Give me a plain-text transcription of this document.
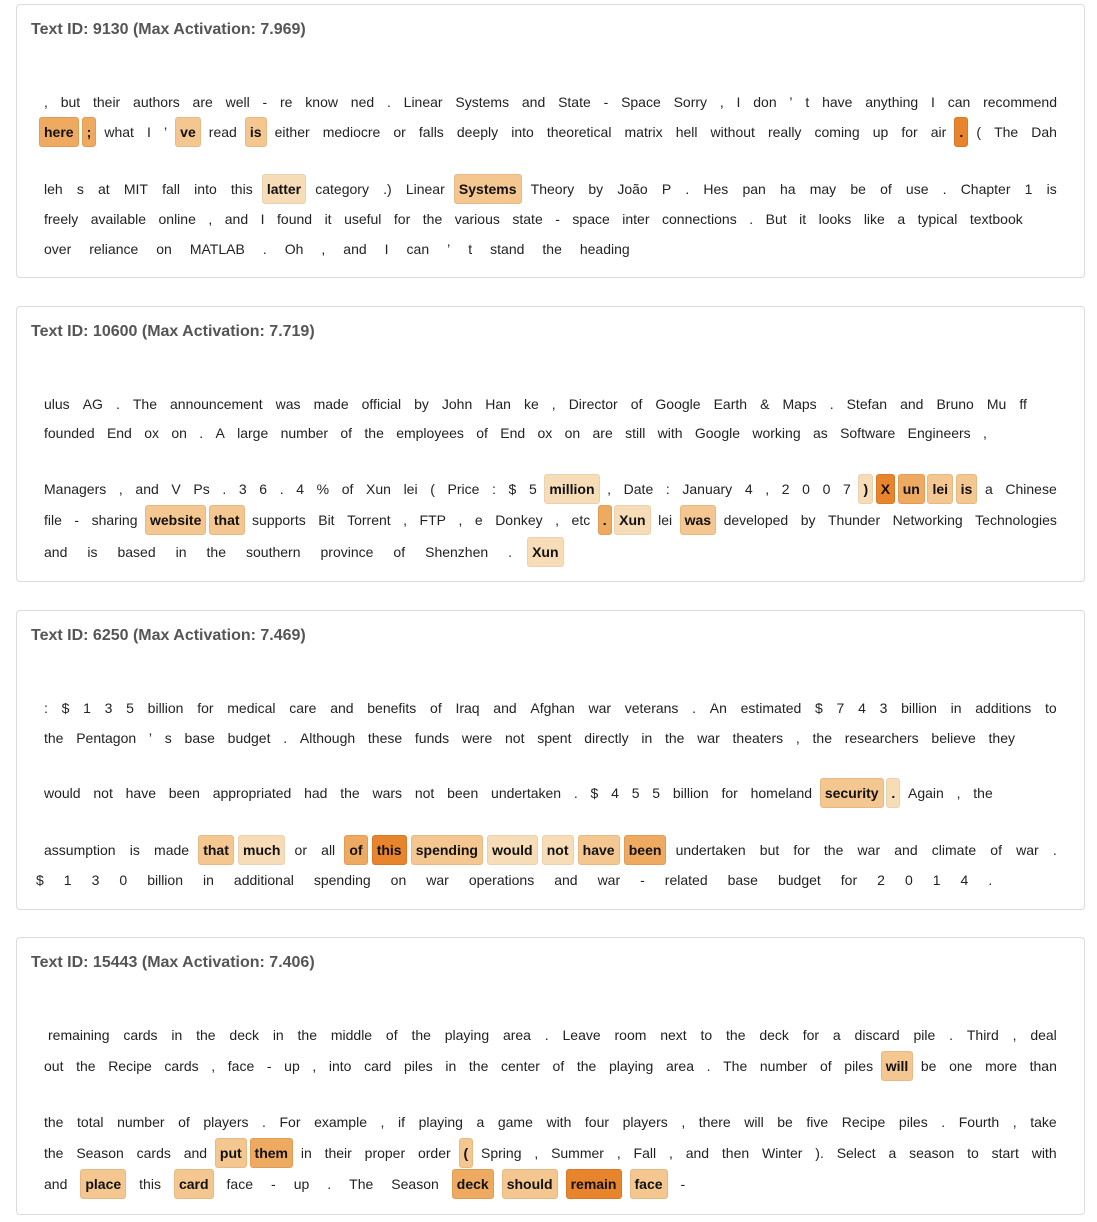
Text ID: 9130 (Max Activation: 7.969)
, but their authors are well - re know ned . Linear Systems and State - Space Sorry , I don ’ t have anything I can recommend
here ; what I ’ ve read is either mediocre or falls deeply into theoretical matrix hell without really coming up for air . ( The Dah
leh	s	at	MIT	fall	into	this	latter	category	.)	Linear	Systems	Theory	by	João	P	.	Hes	pan	ha	may	be	of	use	.	Chapter	1	is
freely available online , and I found it useful for the various state - space inter connections . But it looks like a typical textbook
over	reliance	on	MATLAB	.	Oh	,	and	I	can	’	t	stand	the	heading
Text ID: 10600 (Max Activation: 7.719)
ulus AG . The announcement was made official by John Han ke , Director of Google Earth & Maps . Stefan and Bruno Mu ff
founded End ox on . A large number of the employees of End ox on are still with Google working as Software Engineers ,
Managers , and V Ps . 3 6 . 4 % of Xun lei ( Price : $ 5 million , Date : January 4 , 2 0 0 7 ) X un lei is a Chinese
file - sharing website that supports Bit Torrent , FTP , e Donkey , etc . Xun lei was developed by Thunder Networking Technologies
and	is	based	in	the	southern	province	of	Shenzhen	.	Xun
Text ID: 6250 (Max Activation: 7.469)
: $ 1 3 5 billion for medical care and benefits of Iraq and Afghan war veterans . An estimated $ 7 4 3 billion in additions to
the Pentagon ’ s base budget . Although these funds were not spent directly in the war theaters , the researchers believe they
would not have been appropriated had the wars not been undertaken . $ 4 5 5 billion for homeland security . Again , the
assumption	is	made	that	much	or	all	of	this	spending	would	not	have	been	undertaken	but	for	the	war	and	climate	of	war	.
$	1	3	0	billion	in	additional	spending	on	war	operations	and	war	-	related	base	budget	for	2	0	1	4	.
Text ID: 15443 (Max Activation: 7.406)
remaining cards in the deck in the middle of the playing area . Leave room next to the deck for a discard pile . Third , deal
out the Recipe cards , face - up , into card piles in the center of the playing area . The number of piles will be one more than
the total number of players . For example , if playing a game with four players , there will be five Recipe piles . Fourth , take
the Season cards and put them in their proper order ( Spring , Summer , Fall , and then Winter ). Select a season to start with
and	place	this	card	face	-	up	.	The	Season	deck	should	remain	face	-
